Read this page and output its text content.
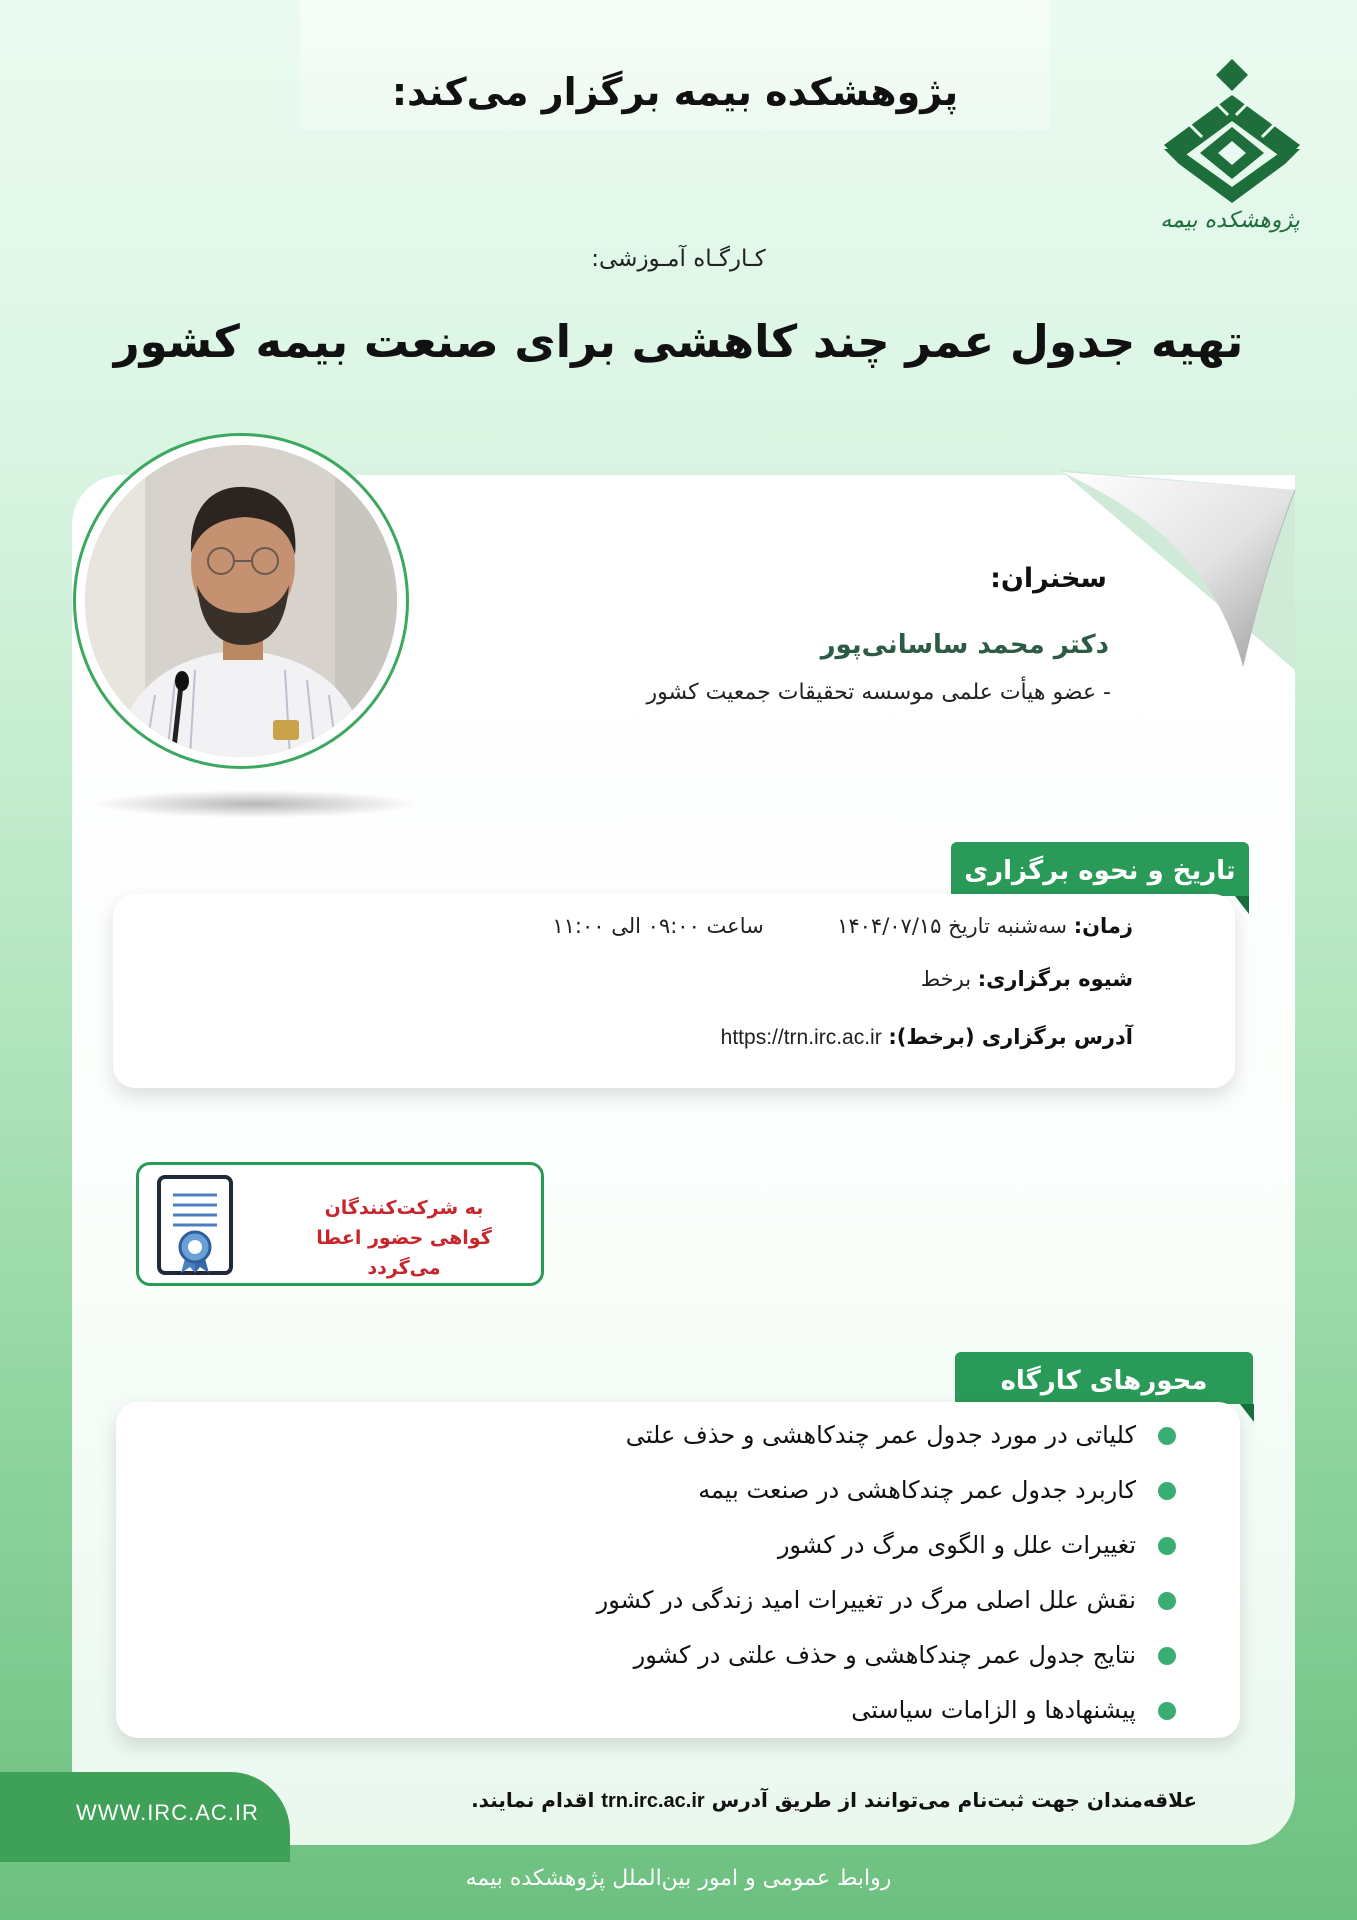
پژوهشکده بیمه برگزار می‌کند:
پژوهشکده بیمه
کـارگـاه آمـوزشی:
تهیه جدول عمر چند کاهشی برای صنعت بیمه کشور
سخنران:
دکتر محمد ساسانی‌پور
- عضو هیأت علمی موسسه تحقیقات جمعیت کشور
تاریخ و نحوه برگزاری
زمان: سه‌شنبه تاریخ ۱۴۰۴/۰۷/۱۵  ساعت ۰۹:۰۰ الی ۱۱:۰۰
شیوه برگزاری: برخط
آدرس برگزاری (برخط): https://trn.irc.ac.ir
به شرکت‌کنندگان
گواهی حضور اعطا می‌گردد
محورهای کارگاه
کلیاتی در مورد جدول عمر چندکاهشی و حذف علتی
کاربرد جدول عمر چندکاهشی در صنعت بیمه
تغییرات علل و الگوی مرگ در کشور
نقش علل اصلی مرگ در تغییرات امید زندگی در کشور
نتایج جدول عمر چندکاهشی و حذف علتی در کشور
پیشنهادها و الزامات سیاستی
علاقه‌مندان جهت ثبت‌نام می‌توانند از طریق آدرس trn.irc.ac.ir اقدام نمایند.
WWW.IRC.AC.IR
روابط عمومی و امور بین‌الملل پژوهشکده بیمه
